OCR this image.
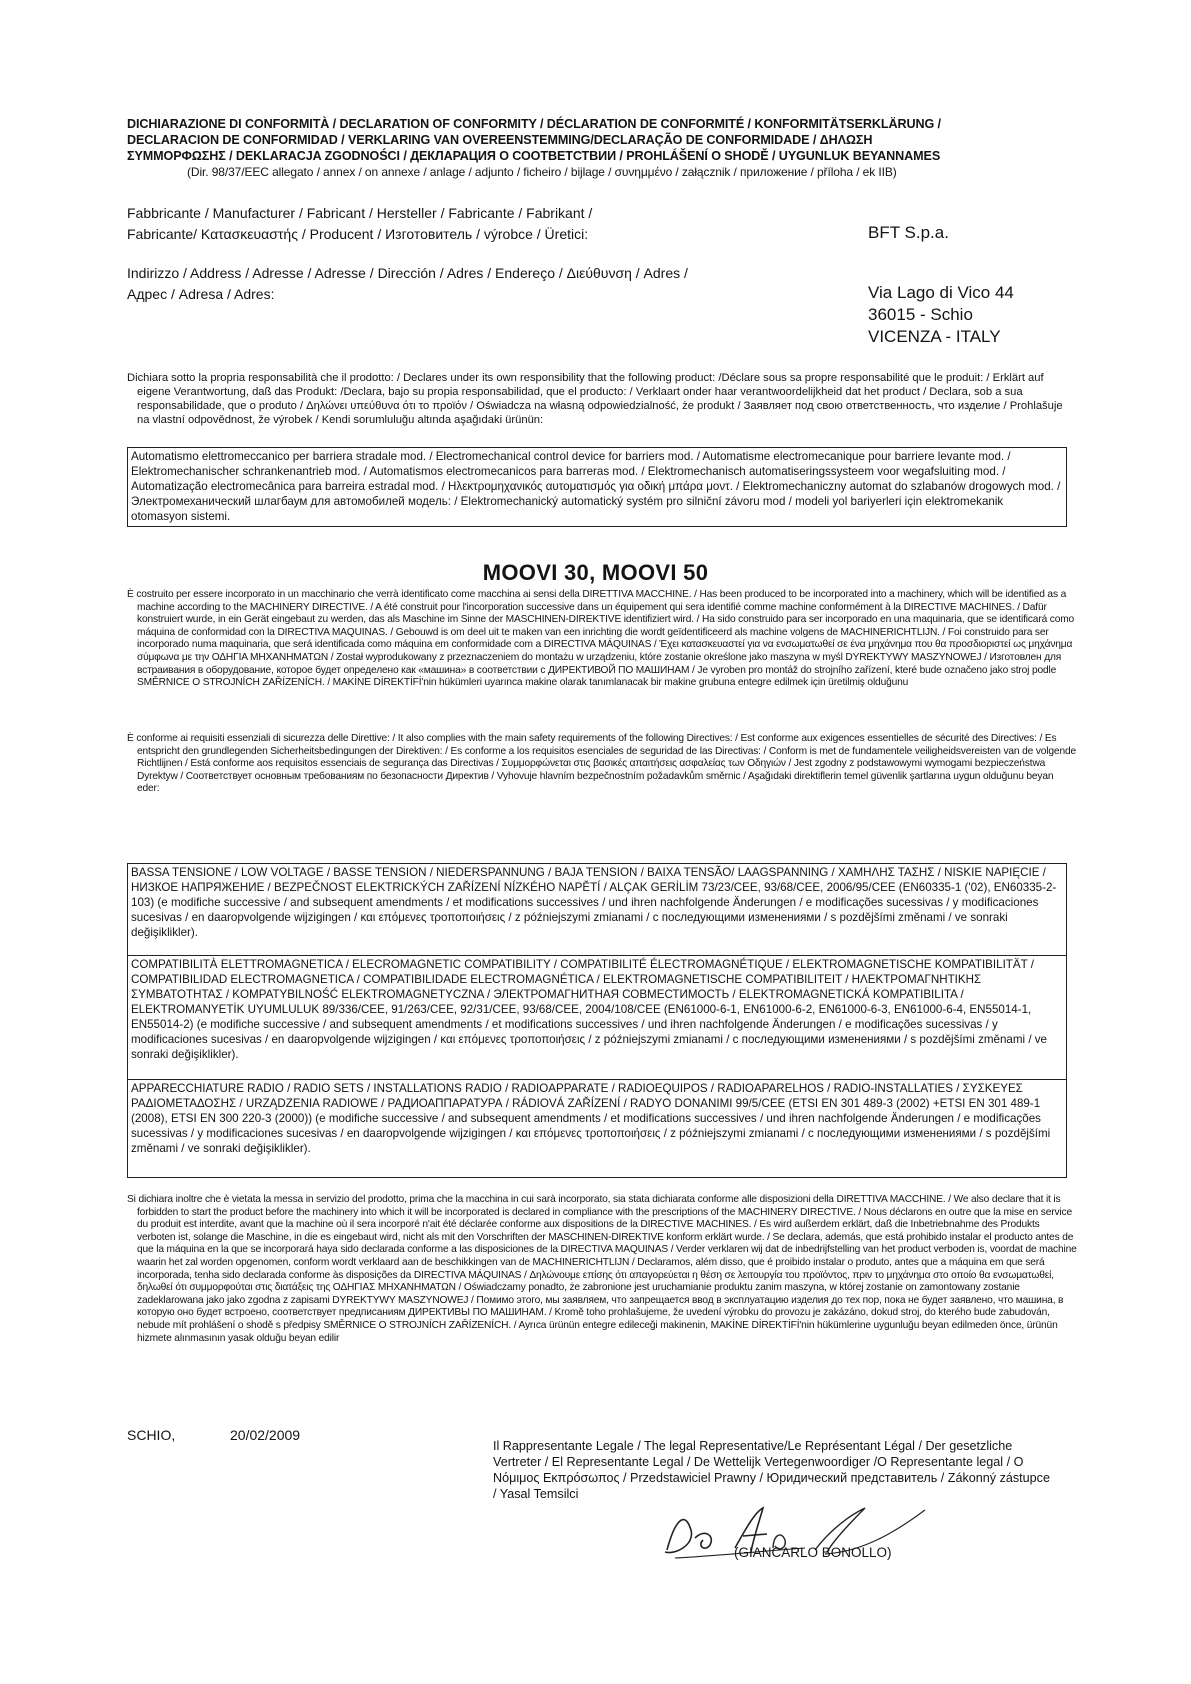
DICHIARAZIONE DI CONFORMITÀ / DECLARATION OF CONFORMITY / DÉCLARATION DE CONFORMITÉ / KONFORMITÄTSERKLÄRUNG /
DECLARACION DE CONFORMIDAD / VERKLARING VAN OVEREENSTEMMING/DECLARAÇÃO DE CONFORMIDADE / ΔΗΛΩΣΗ
ΣΥΜΜΟΡΦΩΣΗΣ / DEKLARACJA ZGODNOŚCI / ДЕКЛАРАЦИЯ О СООТВЕТСТВИИ / PROHLÁŠENÍ O SHODĚ / UYGUNLUK BEYANNAMES
(Dir. 98/37/EEC allegato / annex / on annexe / anlage / adjunto / ficheiro / bijlage / συνημμένο / załącznik / приложение / příloha / ek IIB)
Fabbricante / Manufacturer / Fabricant / Hersteller / Fabricante / Fabrikant /
Fabricante/ Κατασκευαστής / Producent / Изготовитель / výrobce / Üretici:	BFT S.p.a.
Indirizzo / Address / Adresse / Adresse / Dirección / Adres / Endereço / Διεύθυνση / Adres /
Адрес / Adresa / Adres:	Via Lago di Vico 44
36015 - Schio
VICENZA - ITALY
Dichiara sotto la propria responsabilità che il prodotto: / Declares under its own responsibility that the following product: /Déclare sous sa propre responsabilité que le produit: / Erklärt auf eigene Verantwortung, daß das Produkt: /Declara, bajo su propia responsabilidad, que el producto: / Verklaart onder haar verantwoordelijkheid dat het product / Declara, sob a sua responsabilidade, que o produto / Δηλώνει υπεύθυνα ότι το προϊόν / Oświadcza na własną odpowiedzialność, że produkt / Заявляет под свою ответственность, что изделие / Prohlašuje na vlastní odpovědnost, že výrobek / Kendi sorumluluğu altında aşağıdaki ürünün:
Automatismo elettromeccanico per barriera stradale mod. / Electromechanical control device for barriers mod. / Automatisme electromecanique pour barriere levante mod. / Elektromechanischer schrankenantrieb mod. / Automatismos electromecanicos para barreras mod. / Elektromechanisch automatiseringssysteem voor wegafsluiting mod. / Automatização electromecânica para barreira estradal mod. / Ηλεκτρομηχανικός αυτοματισμός για οδική μπάρα μοντ. / Elektromechaniczny automat do szlabanów drogowych mod. / Электромеханический шлагбаум для автомобилей модель: / Elektromechanický automatický systém pro silniční závoru mod / modeli yol bariyerleri için elektromekanik otomasyon sistemi.
MOOVI 30, MOOVI 50
È costruito per essere incorporato in un macchinario che verrà identificato come macchina ai sensi della DIRETTIVA MACCHINE. / Has been produced to be incorporated into a machinery, which will be identified as a machine according to the MACHINERY DIRECTIVE. / A été construit pour l'incorporation successive dans un équipement qui sera identifié comme machine conformément à la DIRECTIVE MACHINES. / Dafür konstruiert wurde, in ein Gerät eingebaut zu werden, das als Maschine im Sinne der MASCHINEN-DIREKTIVE identifiziert wird. / Ha sido construido para ser incorporado en una maquinaria, que se identificará como máquina de conformidad con la DIRECTIVA MAQUINAS. / Gebouwd is om deel uit te maken van een inrichting die wordt geïdentificeerd als machine volgens de MACHINERICHTLIJN. / Foi construido para ser incorporado numa maquinaria, que será identificada como máquina em conformidade com a DIRECTIVA MÁQUINAS / Έχει κατασκευαστεί για να ενσωματωθεί σε ένα μηχάνημα που θα προσδιοριστεί ως μηχάνημα σύμφωνα με την ΟΔΗΓΙΑ ΜΗΧΑΝΗΜΑΤΩΝ / Został wyprodukowany z przeznaczeniem do montażu w urządzeniu, które zostanie określone jako maszyna w myśl DYREKTYWY MASZYNOWEJ / Изготовлен для встраивания в оборудование, которое будет определено как «машина» в соответствии с ДИРЕКТИВОЙ ПО МАШИНАМ / Je vyroben pro montáž do strojního zařízení, které bude označeno jako stroj podle SMĚRNICE O STROJNÍCH ZAŘÍZENÍCH. / MAKİNE DİREKTİFİ'nin hükümleri uyarınca makine olarak tanımlanacak bir makine grubuna entegre edilmek için üretilmiş olduğunu
È conforme ai requisiti essenziali di sicurezza delle Direttive: / It also complies with the main safety requirements of the following Directives: / Est conforme aux exigences essentielles de sécurité des Directives: / Es entspricht den grundlegenden Sicherheitsbedingungen der Direktiven: / Es conforme a los requisitos esenciales de seguridad de las Directivas: / Conform is met de fundamentele veiligheidsvereisten van de volgende Richtlijnen / Está conforme aos requisitos essenciais de segurança das Directivas / Συμμορφώνεται στις βασικές απαιτήσεις ασφαλείας των Οδηγιών / Jest zgodny z podstawowymi wymogami bezpieczeństwa Dyrektyw / Соответствует основным требованиям по безопасности Директив / Vyhovuje hlavním bezpečnostním požadavkům směrnic / Aşağıdaki direktiflerin temel güvenlik şartlarına uygun olduğunu beyan eder:
BASSA TENSIONE / LOW VOLTAGE / BASSE TENSION / NIEDERSPANNUNG / BAJA TENSION / BAIXA TENSÃO/ LAAGSPANNING / ΧΑΜΗΛΗΣ ΤΑΣΗΣ / NISKIE NAPIĘCIE / НИЗКОЕ НАПРЯЖЕНИЕ / BEZPEČNOST ELEKTRICKÝCH ZAŘÍZENÍ NÍZKÉHO NAPĚTÍ / ALÇAK GERİLİM 73/23/CEE, 93/68/CEE, 2006/95/CEE (EN60335-1 ('02), EN60335-2-103) (e modifiche successive / and subsequent amendments / et modifications successives / und ihren nachfolgende Änderungen / e modificações sucessivas / y modificaciones sucesivas / en daaropvolgende wijzigingen / και επόμενες τροποποιήσεις / z późniejszymi zmianami / с последующими изменениями / s pozdějšími změnami / ve sonraki değişiklikler).
COMPATIBILITÀ ELETTROMAGNETICA / ELECROMAGNETIC COMPATIBILITY / COMPATIBILITÉ ÉLECTROMAGNÉTIQUE / ELEKTROMAGNETISCHE KOMPATIBILITÄT / COMPATIBILIDAD ELECTROMAGNETICA / COMPATIBILIDADE ELECTROMAGNÉTICA / ELEKTROMAGNETISCHE COMPATIBILITEIT / ΗΛΕΚΤΡΟΜΑΓΝΗΤΙΚΗΣ ΣΥΜΒΑΤΟΤΗΤΑΣ / KOMPATYBILNOŚĆ ELEKTROMAGNETYCZNA / ЭЛЕКТРОМАГНИТНАЯ СОВМЕСТИМОСТЬ / ELEKTROMAGNETICKÁ KOMPATIBILITA / ELEKTROMANYETİK UYUMLULUK 89/336/CEE, 91/263/CEE, 92/31/CEE, 93/68/CEE, 2004/108/CEE (EN61000-6-1, EN61000-6-2, EN61000-6-3, EN61000-6-4, EN55014-1, EN55014-2) (e modifiche successive / and subsequent amendments / et modifications successives / und ihren nachfolgende Änderungen / e modificações sucessivas / y modificaciones sucesivas / en daaropvolgende wijzigingen / και επόμενες τροποποιήσεις / z późniejszymi zmianami / с последующими изменениями / s pozdějšími změnami / ve sonraki değişiklikler).
APPARECCHIATURE RADIO / RADIO SETS / INSTALLATIONS RADIO / RADIOAPPARATE / RADIOEQUIPOS / RADIOAPARELHOS / RADIO-INSTALLATIES / ΣΥΣΚΕΥΕΣ ΡΑΔΙΟΜΕΤΑΔΟΣΗΣ / URZĄDZENIA RADIOWE / РАДИОАППАРАТУРА / RÁDIOVÁ ZAŘÍZENÍ / RADYO DONANIMI 99/5/CEE (ETSI EN 301 489-3 (2002) +ETSI EN 301 489-1 (2008), ETSI EN 300 220-3 (2000)) (e modifiche successive / and subsequent amendments / et modifications successives / und ihren nachfolgende Änderungen / e modificações sucessivas / y modificaciones sucesivas / en daaropvolgende wijzigingen / και επόμενες τροποποιήσεις / z późniejszymi zmianami / с последующими изменениями / s pozdějšími změnami / ve sonraki değişiklikler).
Si dichiara inoltre che è vietata la messa in servizio del prodotto, prima che la macchina in cui sarà incorporato, sia stata dichiarata conforme alle disposizioni della DIRETTIVA MACCHINE. / We also declare that it is forbidden to start the product before the machinery into which it will be incorporated is declared in compliance with the prescriptions of the MACHINERY DIRECTIVE. / Nous déclarons en outre que la mise en service du produit est interdite, avant que la machine où il sera incorporé n'ait été déclarée conforme aux dispositions de la DIRECTIVE MACHINES. / Es wird außerdem erklärt, daß die Inbetriebnahme des Produkts verboten ist, solange die Maschine, in die es eingebaut wird, nicht als mit den Vorschriften der MASCHINEN-DIREKTIVE konform erklärt wurde. / Se declara, además, que está prohibido instalar el producto antes de que la máquina en la que se incorporará haya sido declarada conforme a las disposiciones de la DIRECTIVA MAQUINAS / Verder verklaren wij dat de inbedrijfstelling van het product verboden is, voordat de machine waarin het zal worden opgenomen, conform wordt verklaard aan de beschikkingen van de MACHINERICHTLIJN / Declaramos, além disso, que é proibido instalar o produto, antes que a máquina em que será incorporada, tenha sido declarada conforme às disposições da DIRECTIVA MÁQUINAS / Δηλώνουμε επίσης ότι απαγορεύεται η θέση σε λειτουργία του προϊόντος, πριν το μηχάνημα στο οποίο θα ενσωματωθεί, δηλωθεί ότι συμμορφούται στις διατάξεις της ΟΔΗΓΙΑΣ ΜΗΧΑΝΗΜΑΤΩΝ / Oświadczamy ponadto, że zabronione jest uruchamianie produktu zanim maszyna, w której zostanie on zamontowany zostanie zadeklarowana jako jako zgodna z zapisami DYREKTYWY MASZYNOWEJ / Помимо этого, мы заявляем, что запрещается ввод в эксплуатацию изделия до тех пор, пока не будет заявлено, что машина, в которую оно будет встроено, соответствует предписаниям ДИРЕКТИВЫ ПО МАШИНАМ. / Kromě toho prohlašujeme, že uvedení výrobku do provozu je zakázáno, dokud stroj, do kterého bude zabudován, nebude mít prohlášení o shodě s předpisy SMĚRNICE O STROJNÍCH ZAŘÍZENÍCH. / Ayrıca ürünün entegre edileceği makinenin, MAKİNE DİREKTİFİ'nin hükümlerine uygunluğu beyan edilmeden önce, ürünün hizmete alınmasının yasak olduğu beyan edilir
SCHIO,	20/02/2009
Il Rappresentante Legale / The legal Representative/Le Représentant Légal / Der gesetzliche Vertreter / El Representante Legal / De Wettelijk Vertegenwoordiger /O Representante legal / Ο Νόμιμος Εκπρόσωπος / Przedstawiciel Prawny / Юридический представитель / Zákonný zástupce / Yasal Temsilci
(GIANCARLO BONOLLO)
